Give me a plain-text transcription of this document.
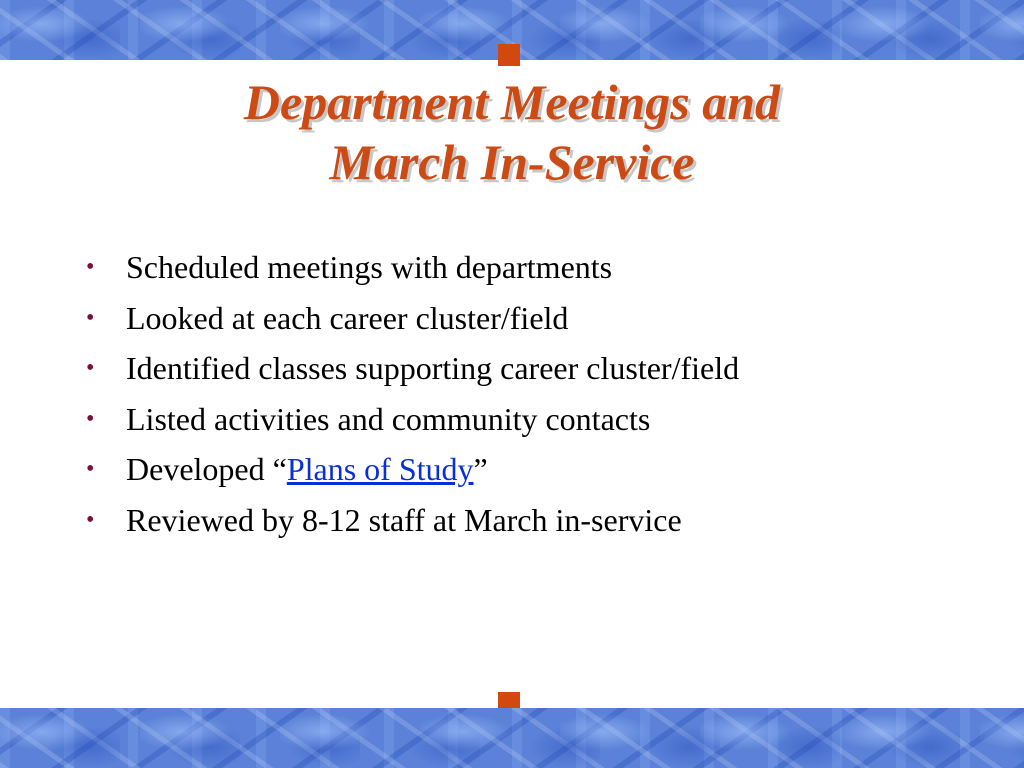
Department Meetings and
March In-Service
• Scheduled meetings with departments
• Looked at each career cluster/field
• Identified classes supporting career cluster/field
• Listed activities and community contacts
• Developed “Plans of Study”
• Reviewed by 8-12 staff at March in-service
